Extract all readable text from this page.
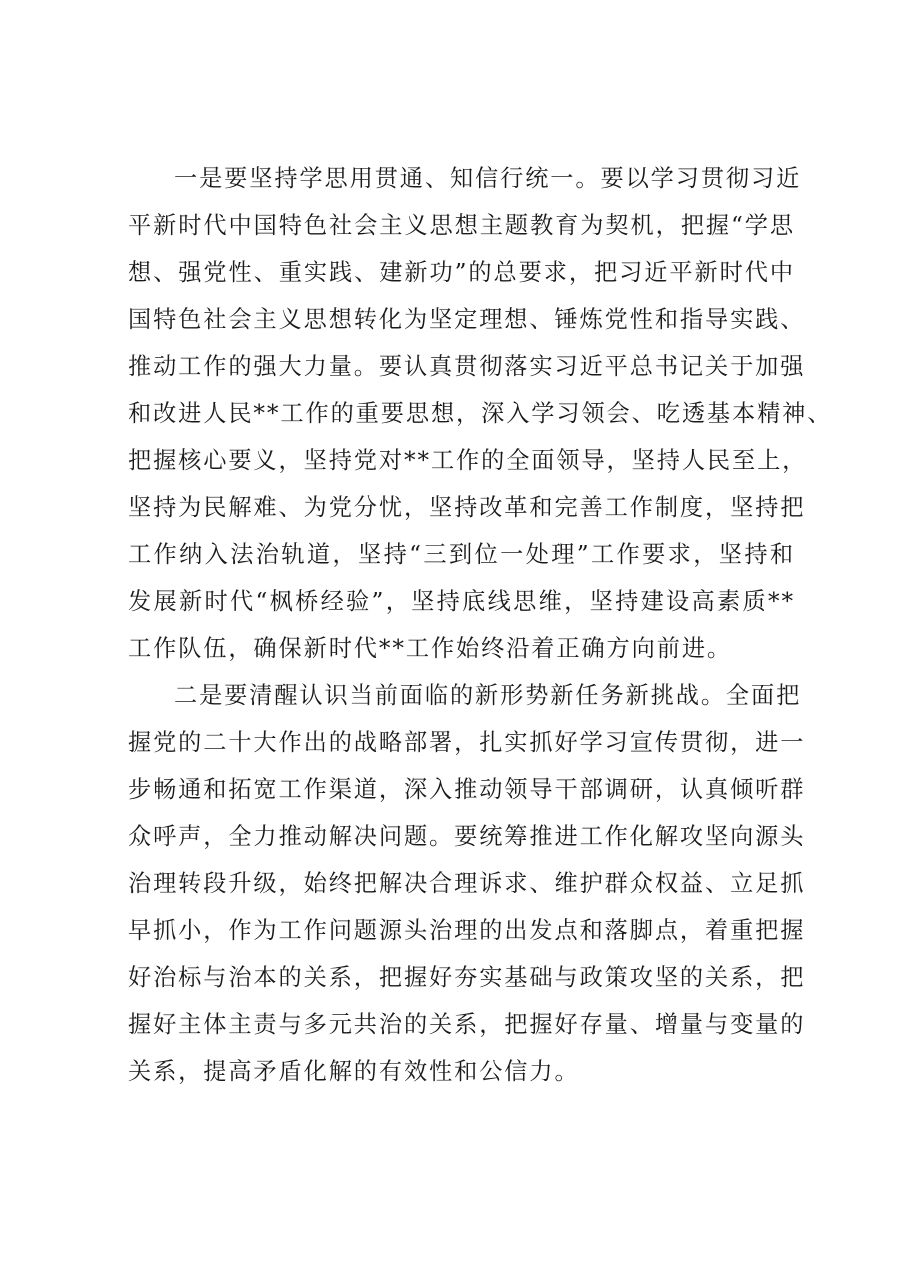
一是要坚持学思用贯通、知信行统一。要以学习贯彻习近
平新时代中国特色社会主义思想主题教育为契机，把握“学思
想、强党性、重实践、建新功”的总要求，把习近平新时代中
国特色社会主义思想转化为坚定理想、锤炼党性和指导实践、
推动工作的强大力量。要认真贯彻落实习近平总书记关于加强
和改进人民**工作的重要思想，深入学习领会、吃透基本精神、
把握核心要义，坚持党对**工作的全面领导，坚持人民至上，
坚持为民解难、为党分忧，坚持改革和完善工作制度，坚持把
工作纳入法治轨道，坚持“三到位一处理”工作要求，坚持和
发展新时代“枫桥经验”，坚持底线思维，坚持建设高素质**
工作队伍，确保新时代**工作始终沿着正确方向前进。
二是要清醒认识当前面临的新形势新任务新挑战。全面把
握党的二十大作出的战略部署，扎实抓好学习宣传贯彻，进一
步畅通和拓宽工作渠道，深入推动领导干部调研，认真倾听群
众呼声，全力推动解决问题。要统筹推进工作化解攻坚向源头
治理转段升级，始终把解决合理诉求、维护群众权益、立足抓
早抓小，作为工作问题源头治理的出发点和落脚点，着重把握
好治标与治本的关系，把握好夯实基础与政策攻坚的关系，把
握好主体主责与多元共治的关系，把握好存量、增量与变量的
关系，提高矛盾化解的有效性和公信力。
